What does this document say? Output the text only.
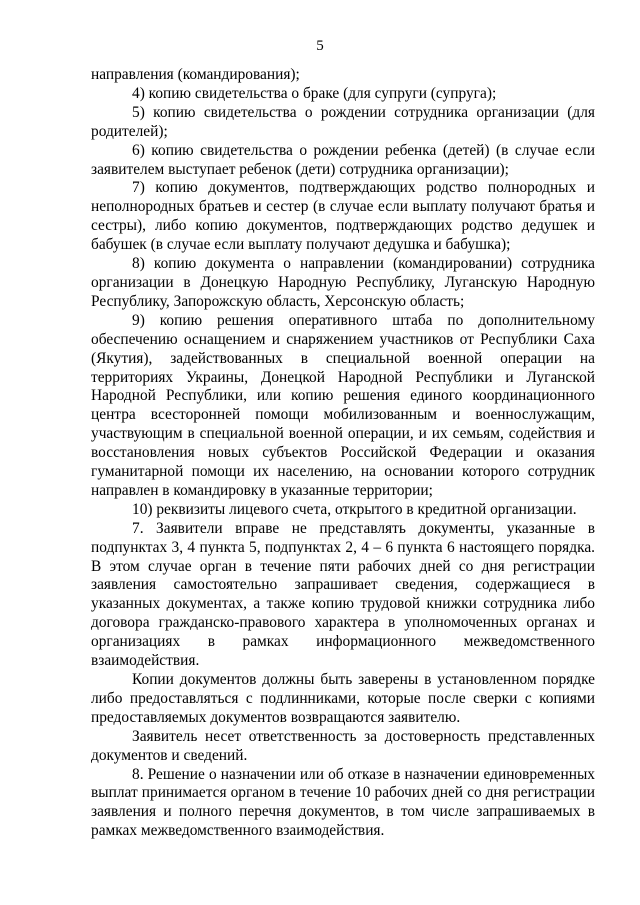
5

направления (командирования);

4) копию свидетельства о браке (для супруги (супруга);

5) копию свидетельства о рождении сотрудника организации (для родителей);

6) копию свидетельства о рождении ребенка (детей) (в случае если заявителем выступает ребенок (дети) сотрудника организации);

7) копию документов, подтверждающих родство полнородных и неполнородных братьев и сестер (в случае если выплату получают братья и сестры), либо копию документов, подтверждающих родство дедушек и бабушек (в случае если выплату получают дедушка и бабушка);

8) копию документа о направлении (командировании) сотрудника организации в Донецкую Народную Республику, Луганскую Народную Республику, Запорожскую область, Херсонскую область;

9) копию решения оперативного штаба по дополнительному обеспечению оснащением и снаряжением участников от Республики Саха (Якутия), задействованных в специальной военной операции на территориях Украины, Донецкой Народной Республики и Луганской Народной Республики, или копию решения единого координационного центра всесторонней помощи мобилизованным и военнослужащим, участвующим в специальной военной операции, и их семьям, содействия и восстановления новых субъектов Российской Федерации и оказания гуманитарной помощи их населению, на основании которого сотрудник направлен в командировку в указанные территории;

10) реквизиты лицевого счета, открытого в кредитной организации.

7. Заявители вправе не представлять документы, указанные в подпунктах 3, 4 пункта 5, подпунктах 2, 4 – 6 пункта 6 настоящего порядка. В этом случае орган в течение пяти рабочих дней со дня регистрации заявления самостоятельно запрашивает сведения, содержащиеся в указанных документах, а также копию трудовой книжки сотрудника либо договора гражданско-правового характера в уполномоченных органах и организациях в рамках информационного межведомственного взаимодействия.

Копии документов должны быть заверены в установленном порядке либо предоставляться с подлинниками, которые после сверки с копиями предоставляемых документов возвращаются заявителю.

Заявитель несет ответственность за достоверность представленных документов и сведений.

8. Решение о назначении или об отказе в назначении единовременных выплат принимается органом в течение 10 рабочих дней со дня регистрации заявления и полного перечня документов, в том числе запрашиваемых в рамках межведомственного взаимодействия.
